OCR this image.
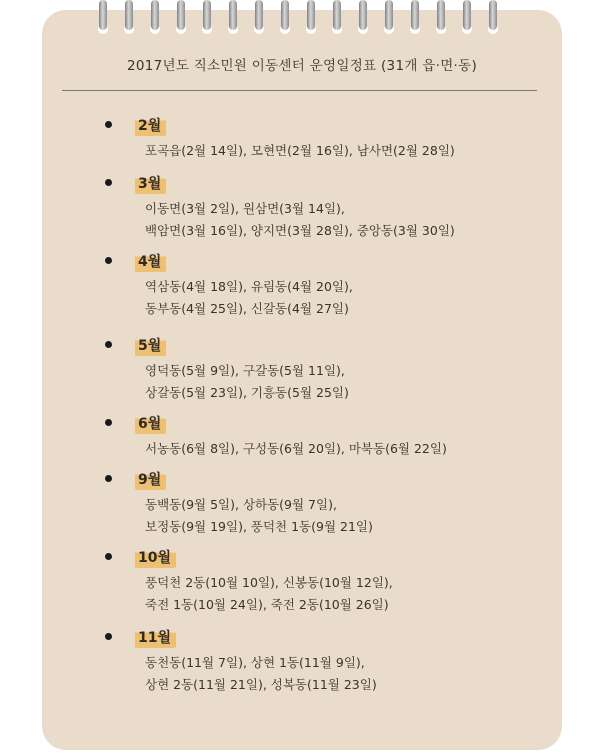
2017년도 직소민원 이동센터 운영일정표 (31개 읍·면·동)
2월
포곡읍(2월 14일), 모현면(2월 16일), 남사면(2월 28일)
3월
이동면(3월 2일), 원삼면(3월 14일),
백암면(3월 16일), 양지면(3월 28일), 중앙동(3월 30일)
4월
역삼동(4월 18일), 유림동(4월 20일),
동부동(4월 25일), 신갈동(4월 27일)
5월
영덕동(5월 9일), 구갈동(5월 11일),
상갈동(5월 23일), 기흥동(5월 25일)
6월
서농동(6월 8일), 구성동(6월 20일), 마북동(6월 22일)
9월
동백동(9월 5일), 상하동(9월 7일),
보정동(9월 19일), 풍덕천 1동(9월 21일)
10월
풍덕천 2동(10월 10일), 신봉동(10월 12일),
죽전 1동(10월 24일), 죽전 2동(10월 26일)
11월
동천동(11월 7일), 상현 1동(11월 9일),
상현 2동(11월 21일), 성복동(11월 23일)
